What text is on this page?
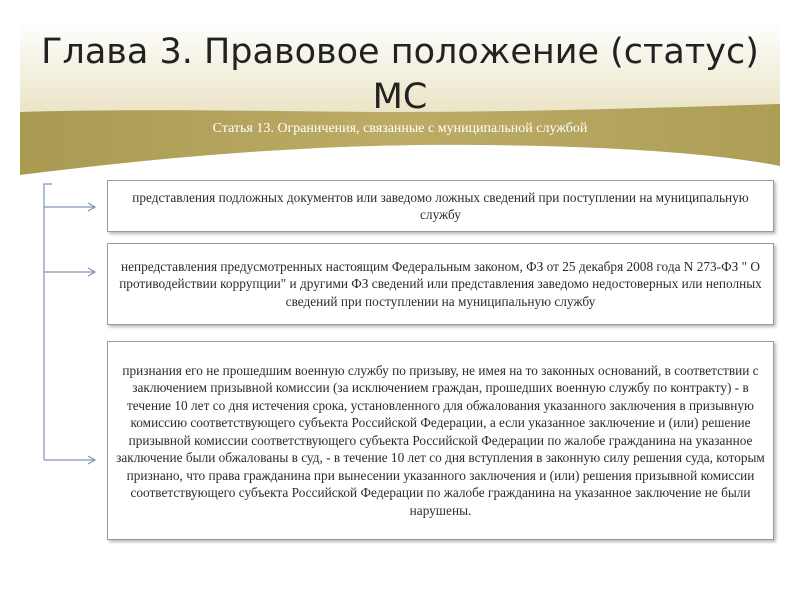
Глава 3. Правовое положение (статус) МС
Статья 13. Ограничения, связанные с муниципальной службой
представления подложных документов или заведомо ложных сведений при поступлении на муниципальную службу
непредставления предусмотренных настоящим Федеральным законом, ФЗ от 25 декабря 2008 года N 273-ФЗ " О противодействии коррупции" и другими ФЗ сведений или представления заведомо недостоверных или неполных сведений при поступлении на муниципальную службу
признания его не прошедшим военную службу по призыву, не имея на то законных оснований, в соответствии с заключением призывной комиссии (за исключением граждан, прошедших военную службу по контракту) - в течение 10 лет со дня истечения срока, установленного для обжалования указанного заключения в призывную комиссию соответствующего субъекта Российской Федерации, а если указанное заключение и (или) решение призывной комиссии соответствующего субъекта Российской Федерации по жалобе гражданина на указанное заключение были обжалованы в суд, - в течение 10 лет со дня вступления в законную силу решения суда, которым признано, что права гражданина при вынесении указанного заключения и (или) решения призывной комиссии соответствующего субъекта Российской Федерации по жалобе гражданина на указанное заключение не были нарушены.
